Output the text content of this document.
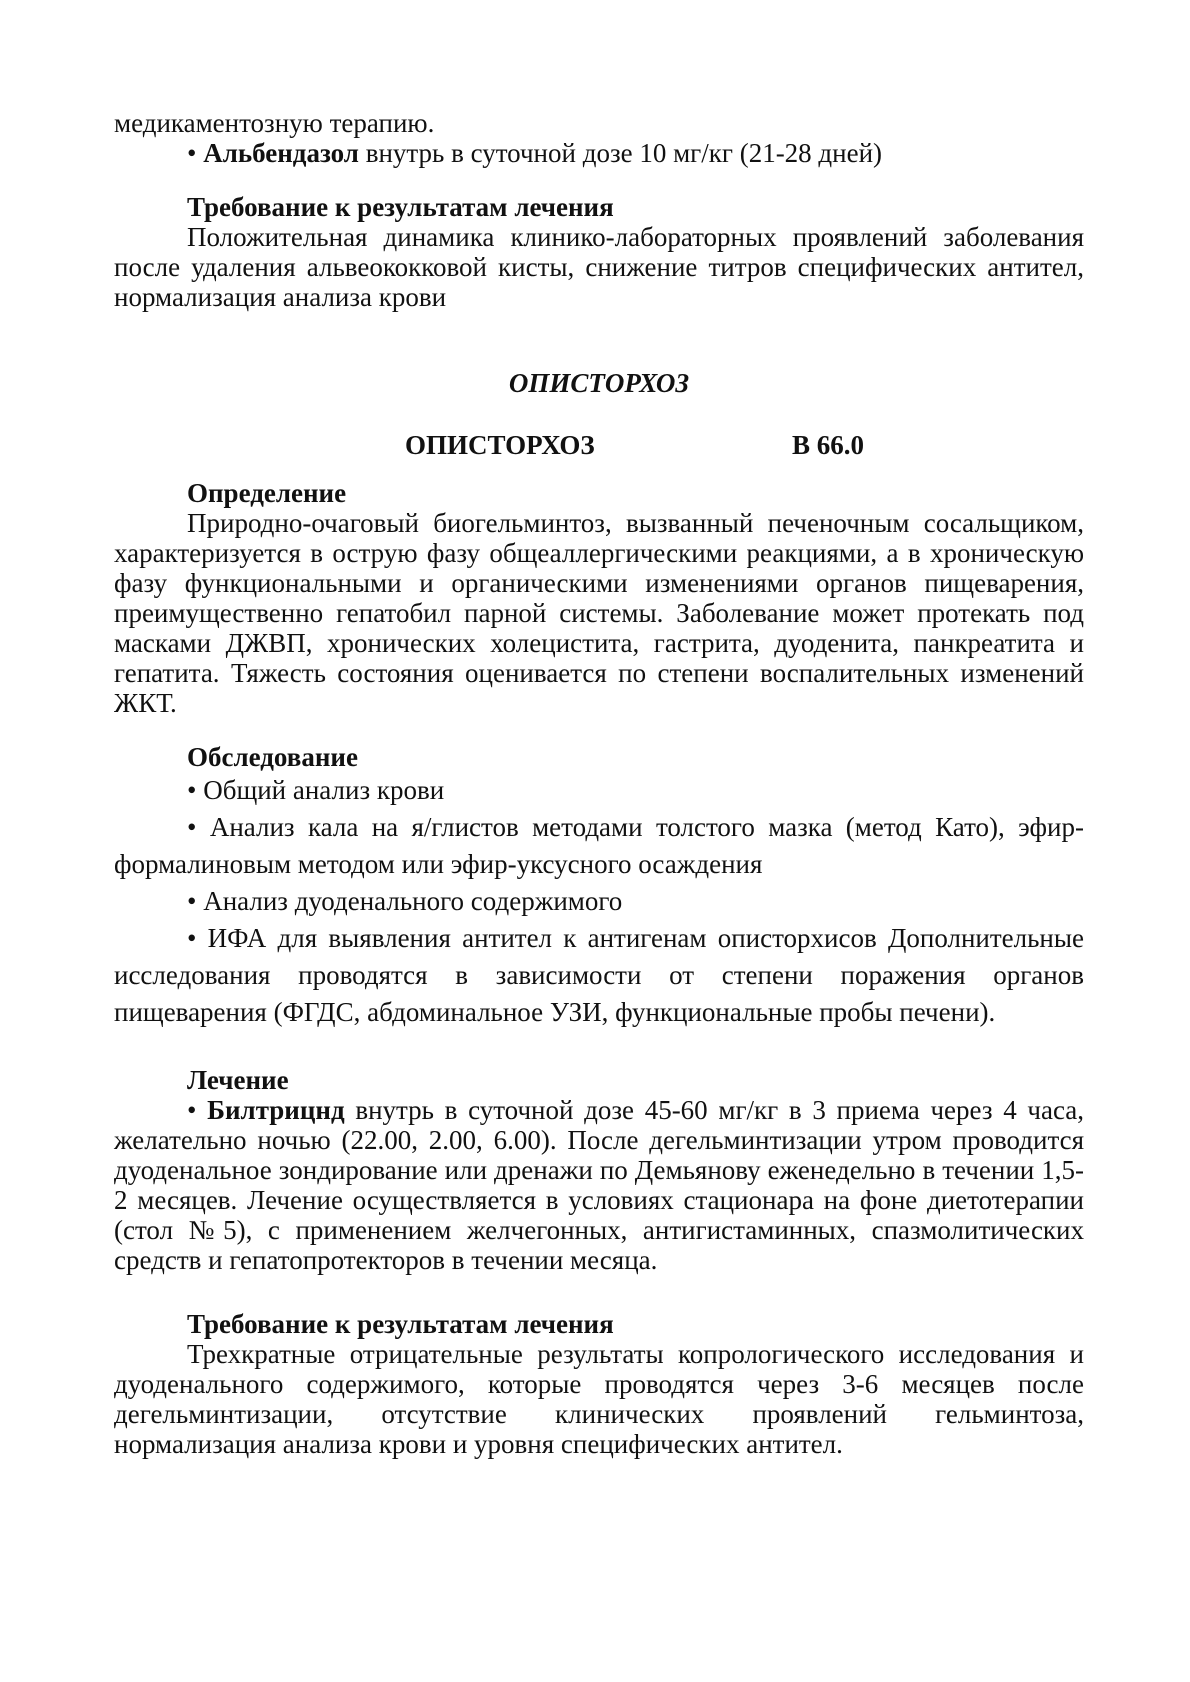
медикаментозную терапию.

• Альбендазол внутрь в суточной дозе 10 мг/кг (21-28 дней)

Требование к результатам лечения

Положительная динамика клинико-лабораторных проявлений заболевания после удаления альвеококковой кисты, снижение титров специфических антител, нормализация анализа крови

ОПИСТОРХОЗ

ОПИСТОРХОЗ	В 66.0

Определение

Природно-очаговый биогельминтоз, вызванный печеночным сосальщиком, характеризуется в острую фазу общеаллергическими реакциями, а в хроническую фазу функциональными и органическими изменениями органов пищеварения, преимущественно гепатобил парной системы. Заболевание может протекать под масками ДЖВП, хронических холецистита, гастрита, дуоденита, панкреатита и гепатита. Тяжесть состояния оценивается по степени воспалительных изменений ЖКТ.

Обследование

• Общий анализ крови

• Анализ кала на я/глистов методами толстого мазка (метод Като), эфир-формалиновым методом или эфир-уксусного осаждения

• Анализ дуоденального содержимого

• ИФА для выявления антител к антигенам описторхисов Дополнительные исследования проводятся в зависимости от степени поражения органов пищеварения (ФГДС, абдоминальное УЗИ, функциональные пробы печени).

Лечение

• Билтрицнд внутрь в суточной дозе 45-60 мг/кг в 3 приема через 4 часа, желательно ночью (22.00, 2.00, 6.00). После дегельминтизации утром проводится дуоденальное зондирование или дренажи по Демьянову еженедельно в течении 1,5-2 месяцев. Лечение осуществляется в условиях стационара на фоне диетотерапии (стол №5), с применением желчегонных, антигистаминных, спазмолитических средств и гепатопротекторов в течении месяца.

Требование к результатам лечения

Трехкратные отрицательные результаты копрологического исследования и дуоденального содержимого, которые проводятся через 3-6 месяцев после дегельминтизации, отсутствие клинических проявлений гельминтоза, нормализация анализа крови и уровня специфических антител.
